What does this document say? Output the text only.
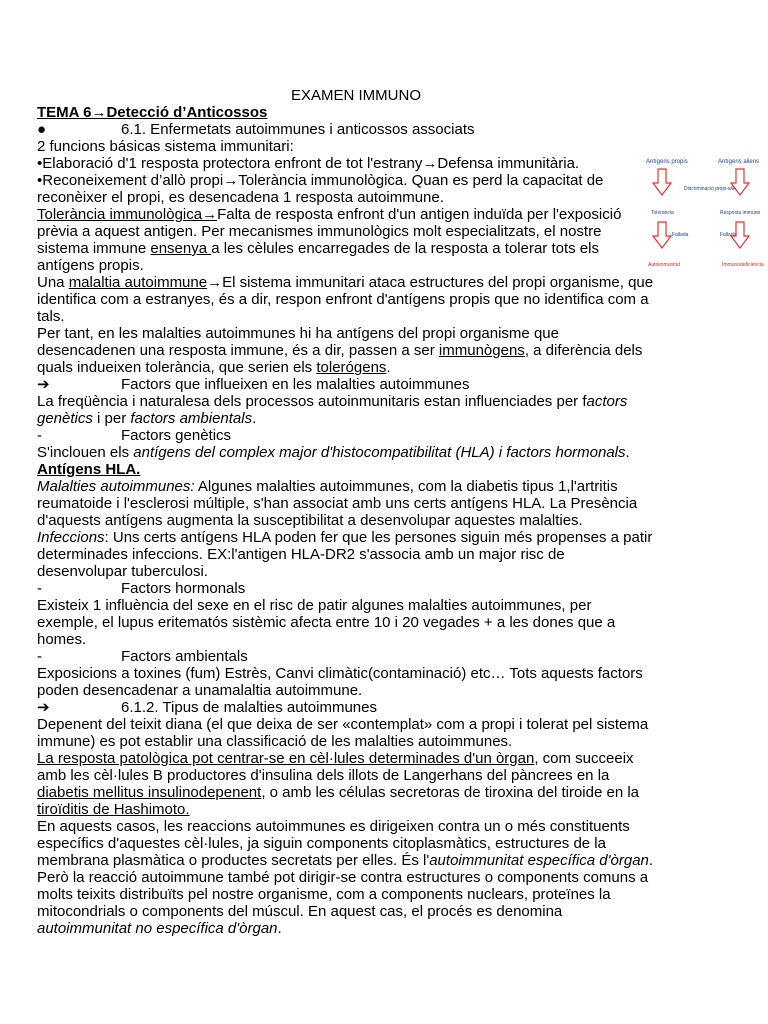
EXAMEN IMMUNO
TEMA 6→Detecció d’Anticossos
●	6.1. Enfermetats autoimmunes i anticossos associats
2 funcions básicas sistema immunitari:
•Elaboració d'1 resposta protectora enfront de tot l'estrany→Defensa immunitària.
•Reconeixement d’allò propi→Tolerància immunològica. Quan es perd la capacitat de
reconèixer el propi, es desencadena 1 resposta autoimmune.
Tolerància immunològica→Falta de resposta enfront d'un antigen induïda per l'exposició
prèvia a aquest antigen. Per mecanismes immunològics molt especialitzats, el nostre
sistema immune ensenya a les cèlules encarregades de la resposta a tolerar tots els
antígens propis.
Una malaltia autoimmune→El sistema immunitari ataca estructures del propi organisme, que
identifica com a estranyes, és a dir, respon enfront d'antígens propis que no identifica com a
tals.
Per tant, en les malalties autoimmunes hi ha antígens del propi organisme que
desencadenen una resposta immune, és a dir, passen a ser immunògens, a diferència dels
quals indueixen tolerància, que serien els tolerógens.
➔	Factors que influeixen en les malalties autoimmunes
La freqüència i naturalesa dels processos autoinmunitaris estan influenciades per factors
genètics i per factors ambientals.
-	Factors genètics
S'inclouen els antígens del complex major d'histocompatibilitat (HLA) i factors hormonals.
Antígens HLA.
Malalties autoimmunes: Algunes malalties autoimmunes, com la diabetis tipus 1,l'artritis
reumatoide i l'esclerosi múltiple, s'han associat amb uns certs antígens HLA. La Presència
d'aquests antígens augmenta la susceptibilitat a desenvolupar aquestes malalties.
Infeccions: Uns certs antígens HLA poden fer que les persones siguin més propenses a patir
determinades infeccions. EX:l'antigen HLA-DR2 s'associa amb un major risc de
desenvolupar tuberculosi.
-	Factors hormonals
Existeix 1 influència del sexe en el risc de patir algunes malalties autoimmunes, per
exemple, el lupus eritematós sistèmic afecta entre 10 i 20 vegades + a les dones que a
homes.
-	Factors ambientals
Exposicions a toxines (fum) Estrès, Canvi climàtic(contaminació) etc… Tots aquests factors
poden desencadenar a unamalaltia autoimmune.
➔	6.1.2. Tipus de malalties autoimmunes
Depenent del teixit diana (el que deixa de ser «contemplat» com a propi i tolerat pel sistema
immune) es pot establir una classificació de les malalties autoimmunes.
La resposta patològica pot centrar-se en cèl·lules determinades d'un òrgan, com succeeix
amb les cèl·lules B productores d'insulina dels illots de Langerhans del pàncrees en la
diabetis mellitus insulinodepenent, o amb les células secretoras de tiroxina del tiroide en la
tiroïditis de Hashimoto.
En aquests casos, les reaccions autoimmunes es dirigeixen contra un o més constituents
específics d'aquestes cèl·lules, ja siguin components citoplasmàtics, estructures de la
membrana plasmàtica o productes secretats per elles. És l'autoimmunitat específica d'òrgan.
Però la reacció autoimmune també pot dirigir-se contra estructures o components comuns a
molts teixits distribuïts pel nostre organisme, com a components nuclears, proteïnes la
mitocondrials o components del múscul. En aquest cas, el procés es denomina
autoimmunitat no específica d'òrgan.
Antígens propis	Antígens aliens
Discriminació propi-alie
Tolerància	Resposta immune
Fallada	Fallada
Autoimmunitat	Immunodeficiència
